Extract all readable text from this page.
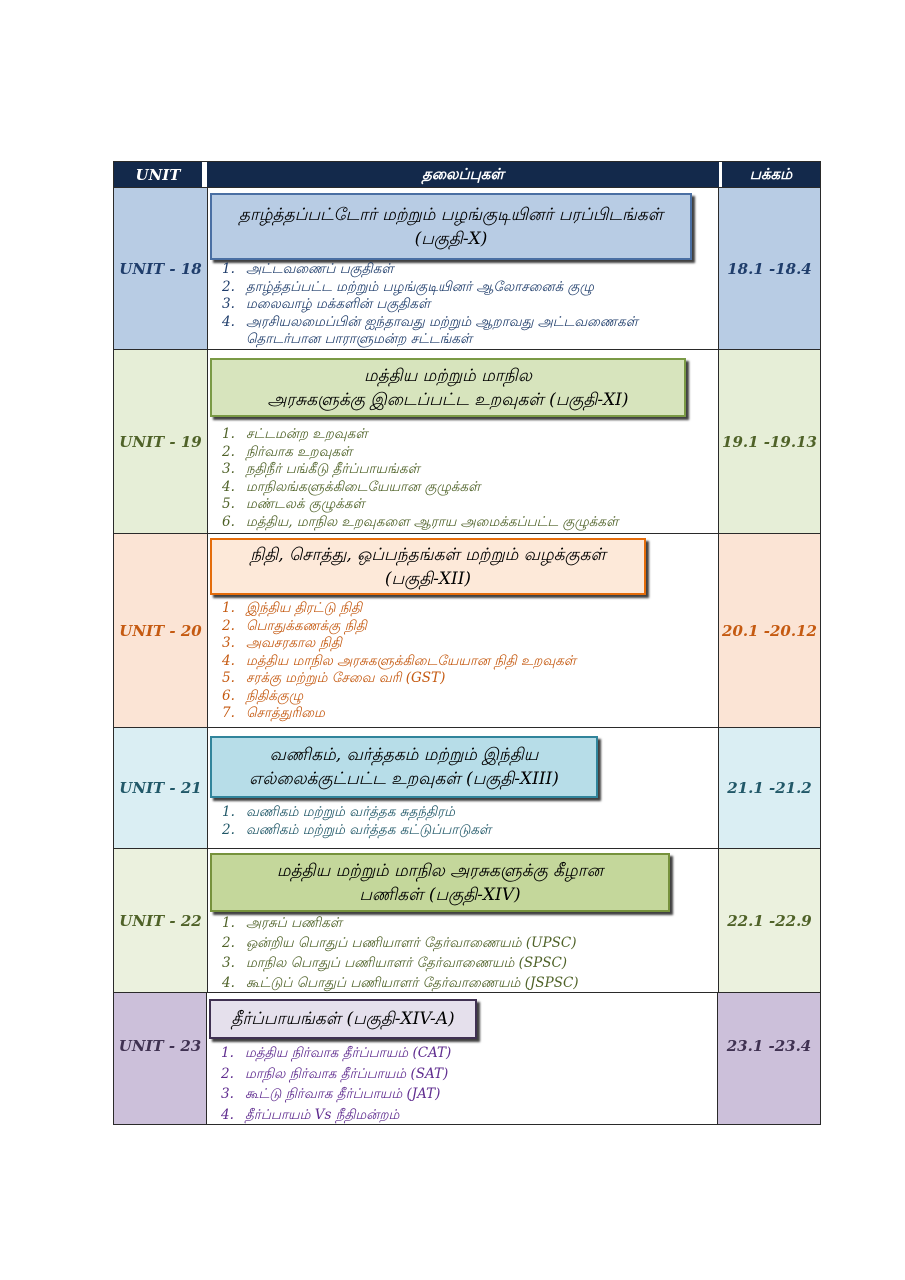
UNIT	தலைப்புகள்	பக்கம்
UNIT - 18
தாழ்த்தப்பட்டோர் மற்றும் பழங்குடியினர் பரப்பிடங்கள்
(பகுதி-X)
1. அட்டவணைப் பகுதிகள்
2. தாழ்த்தப்பட்ட மற்றும் பழங்குடியினர் ஆலோசனைக் குழு
3. மலைவாழ் மக்களின் பகுதிகள்
4. அரசியலமைப்பின் ஐந்தாவது மற்றும் ஆறாவது அட்டவணைகள் தொடர்பான பாராளுமன்ற சட்டங்கள்
18.1 -18.4
UNIT - 19
மத்திய மற்றும் மாநில
அரசுகளுக்கு இடைப்பட்ட உறவுகள் (பகுதி-XI)
1. சட்டமன்ற உறவுகள்
2. நிர்வாக உறவுகள்
3. நதிநீர் பங்கீடு தீர்ப்பாயங்கள்
4. மாநிலங்களுக்கிடையேயான குழுக்கள்
5. மண்டலக் குழுக்கள்
6. மத்திய, மாநில உறவுகளை ஆராய அமைக்கப்பட்ட குழுக்கள்
19.1 -19.13
UNIT - 20
நிதி, சொத்து, ஒப்பந்தங்கள் மற்றும் வழக்குகள்
(பகுதி-XII)
1. இந்திய திரட்டு நிதி
2. பொதுக்கணக்கு நிதி
3. அவசரகால நிதி
4. மத்திய மாநில அரசுகளுக்கிடையேயான நிதி உறவுகள்
5. சரக்கு மற்றும் சேவை வரி (GST)
6. நிதிக்குழு
7. சொத்துரிமை
20.1 -20.12
UNIT - 21
வணிகம், வர்த்தகம் மற்றும் இந்திய
எல்லைக்குட்பட்ட உறவுகள் (பகுதி-XIII)
1. வணிகம் மற்றும் வர்த்தக சுதந்திரம்
2. வணிகம் மற்றும் வர்த்தக கட்டுப்பாடுகள்
21.1 -21.2
UNIT - 22
மத்திய மற்றும் மாநில அரசுகளுக்கு கீழான
பணிகள் (பகுதி-XIV)
1. அரசுப் பணிகள்
2. ஒன்றிய பொதுப் பணியாளர் தேர்வாணையம் (UPSC)
3. மாநில பொதுப் பணியாளர் தேர்வாணையம் (SPSC)
4. கூட்டுப் பொதுப் பணியாளர் தேர்வாணையம் (JSPSC)
22.1 -22.9
UNIT - 23
தீர்ப்பாயங்கள் (பகுதி-XIV-A)
1. மத்திய நிர்வாக தீர்ப்பாயம் (CAT)
2. மாநில நிர்வாக தீர்ப்பாயம் (SAT)
3. கூட்டு நிர்வாக தீர்ப்பாயம் (JAT)
4. தீர்ப்பாயம் Vs நீதிமன்றம்
23.1 -23.4
